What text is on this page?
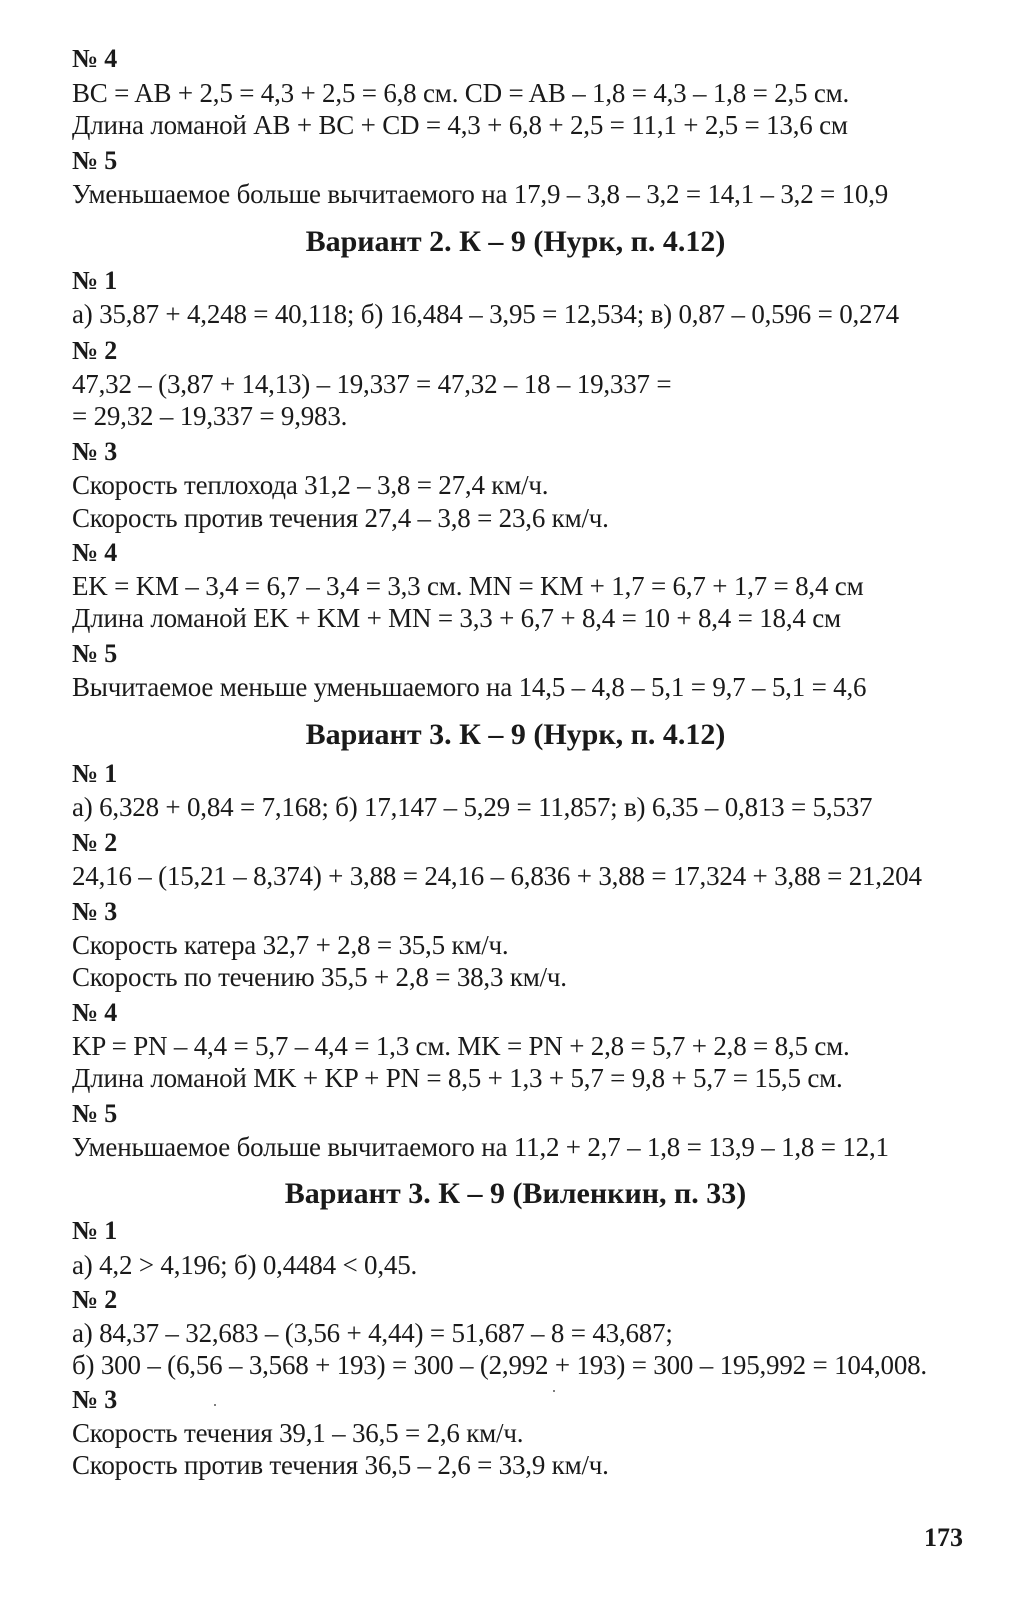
№ 4
BC = AB + 2,5 = 4,3 + 2,5 = 6,8 см. CD = AB – 1,8 = 4,3 – 1,8 = 2,5 см.
Длина ломаной AB + BC + CD = 4,3 + 6,8 + 2,5 = 11,1 + 2,5 = 13,6 см
№ 5
Уменьшаемое больше вычитаемого на 17,9 – 3,8 – 3,2 = 14,1 – 3,2 = 10,9
Вариант 2. К – 9 (Нурк, п. 4.12)
№ 1
а) 35,87 + 4,248 = 40,118; б) 16,484 – 3,95 = 12,534; в) 0,87 – 0,596 = 0,274
№ 2
47,32 – (3,87 + 14,13) – 19,337 = 47,32 – 18 – 19,337 =
= 29,32 – 19,337 = 9,983.
№ 3
Скорость теплохода 31,2 – 3,8 = 27,4 км/ч.
Скорость против течения 27,4 – 3,8 = 23,6 км/ч.
№ 4
EK = KM – 3,4 = 6,7 – 3,4 = 3,3 см. MN = KM + 1,7 = 6,7 + 1,7 = 8,4 см
Длина ломаной EK + KM + MN = 3,3 + 6,7 + 8,4 = 10 + 8,4 = 18,4 см
№ 5
Вычитаемое меньше уменьшаемого на 14,5 – 4,8 – 5,1 = 9,7 – 5,1 = 4,6
Вариант 3. К – 9 (Нурк, п. 4.12)
№ 1
а) 6,328 + 0,84 = 7,168; б) 17,147 – 5,29 = 11,857; в) 6,35 – 0,813 = 5,537
№ 2
24,16 – (15,21 – 8,374) + 3,88 = 24,16 – 6,836 + 3,88 = 17,324 + 3,88 = 21,204
№ 3
Скорость катера 32,7 + 2,8 = 35,5 км/ч.
Скорость по течению 35,5 + 2,8 = 38,3 км/ч.
№ 4
KP = PN – 4,4 = 5,7 – 4,4 = 1,3 см. MK = PN + 2,8 = 5,7 + 2,8 = 8,5 см.
Длина ломаной MK + KP + PN = 8,5 + 1,3 + 5,7 = 9,8 + 5,7 = 15,5 см.
№ 5
Уменьшаемое больше вычитаемого на 11,2 + 2,7 – 1,8 = 13,9 – 1,8 = 12,1
Вариант 3. К – 9 (Виленкин, п. 33)
№ 1
а) 4,2 > 4,196; б) 0,4484 < 0,45.
№ 2
а) 84,37 – 32,683 – (3,56 + 4,44) = 51,687 – 8 = 43,687;
б) 300 – (6,56 – 3,568 + 193) = 300 – (2,992 + 193) = 300 – 195,992 = 104,008.
№ 3
Скорость течения 39,1 – 36,5 = 2,6 км/ч.
Скорость против течения 36,5 – 2,6 = 33,9 км/ч.
173
